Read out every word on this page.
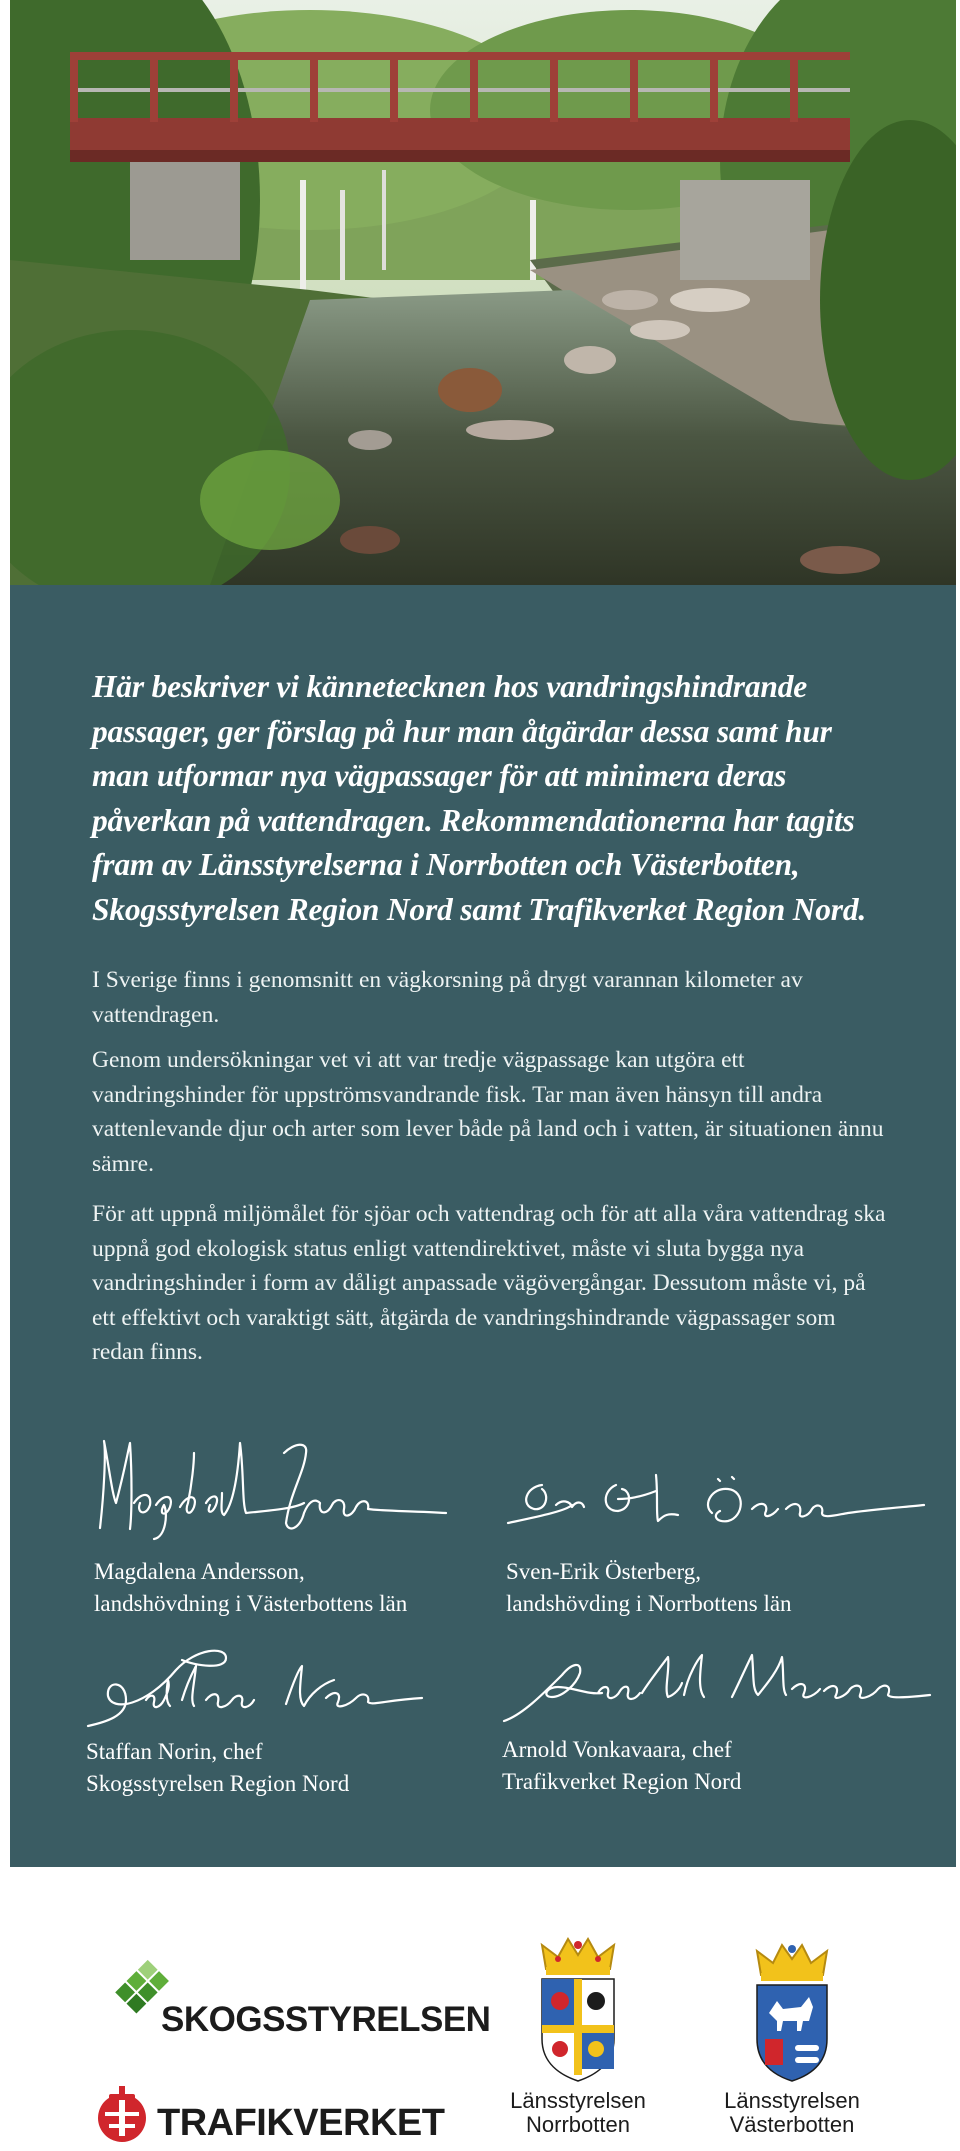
Här beskriver vi kännetecknen hos vandringshindrande passager, ger förslag på hur man åtgärdar dessa samt hur man utformar nya vägpassager för att minimera deras påverkan på vattendragen. Rekommendationerna har tagits fram av Länsstyrelserna i Norrbotten och Västerbotten, Skogsstyrelsen Region Nord samt Trafikverket Region Nord.

I Sverige finns i genomsnitt en vägkorsning på drygt varannan kilometer av vattendragen.

Genom undersökningar vet vi att var tredje vägpassage kan utgöra ett vandringshinder för uppströmsvandrande fisk. Tar man även hänsyn till andra vattenlevande djur och arter som lever både på land och i vatten, är situationen ännu sämre.

För att uppnå miljömålet för sjöar och vattendrag och för att alla våra vattendrag ska uppnå god ekologisk status enligt vattendirektivet, måste vi sluta bygga nya vandringshinder i form av dåligt anpassade vägövergångar. Dessutom måste vi, på ett effektivt och varaktigt sätt, åtgärda de vandringshindrande vägpassager som redan finns.

Magdalena Andersson,
landshövdning i Västerbottens län
Sven-Erik Österberg,
landshövding i Norrbottens län
Staffan Norin, chef
Skogsstyrelsen Region Nord
Arnold Vonkavaara, chef
Trafikverket Region Nord
SKOGSSTYRELSEN
TRAFIKVERKET
Länsstyrelsen
Norrbotten
Länsstyrelsen
Västerbotten
